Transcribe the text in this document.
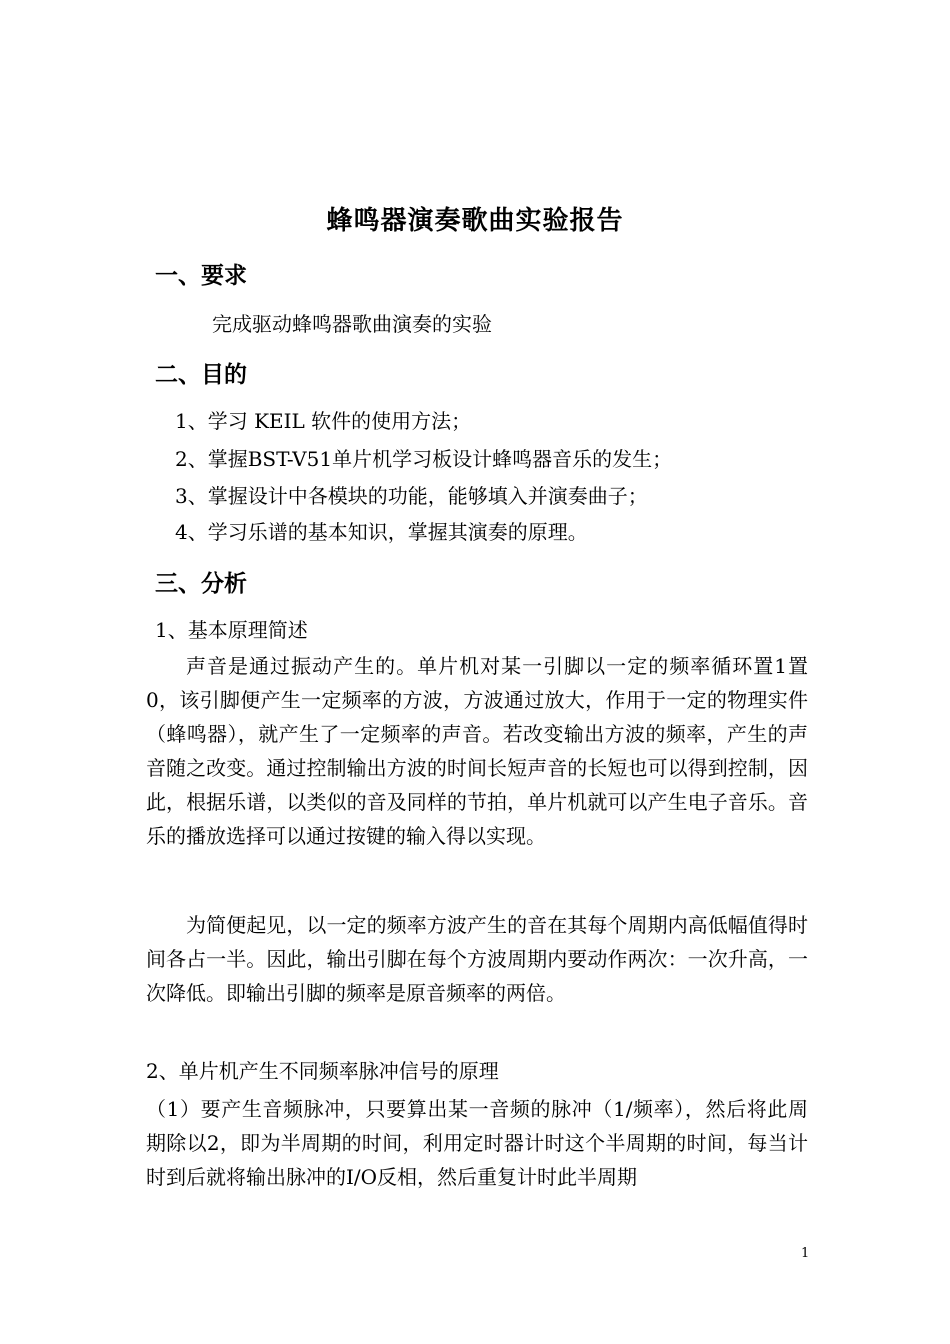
蜂鸣器演奏歌曲实验报告
一、要求
完成驱动蜂鸣器歌曲演奏的实验
二、目的
1、学习 KEIL 软件的使用方法；
2、掌握BST-V51单片机学习板设计蜂鸣器音乐的发生；
3、掌握设计中各模块的功能，能够填入并演奏曲子；
4、学习乐谱的基本知识，掌握其演奏的原理。
三、分析
1、基本原理简述
声音是通过振动产生的。单片机对某一引脚以一定的频率循环置1置0，该引脚便产生一定频率的方波，方波通过放大，作用于一定的物理实件（蜂鸣器），就产生了一定频率的声音。若改变输出方波的频率，产生的声音随之改变。通过控制输出方波的时间长短声音的长短也可以得到控制，因此，根据乐谱，以类似的音及同样的节拍，单片机就可以产生电子音乐。音乐的播放选择可以通过按键的输入得以实现。
为简便起见，以一定的频率方波产生的音在其每个周期内高低幅值得时间各占一半。因此，输出引脚在每个方波周期内要动作两次：一次升高，一次降低。即输出引脚的频率是原音频率的两倍。
2、单片机产生不同频率脉冲信号的原理
（1）要产生音频脉冲，只要算出某一音频的脉冲（1/频率），然后将此周期除以2，即为半周期的时间，利用定时器计时这个半周期的时间，每当计时到后就将输出脉冲的I/O反相，然后重复计时此半周期
1
